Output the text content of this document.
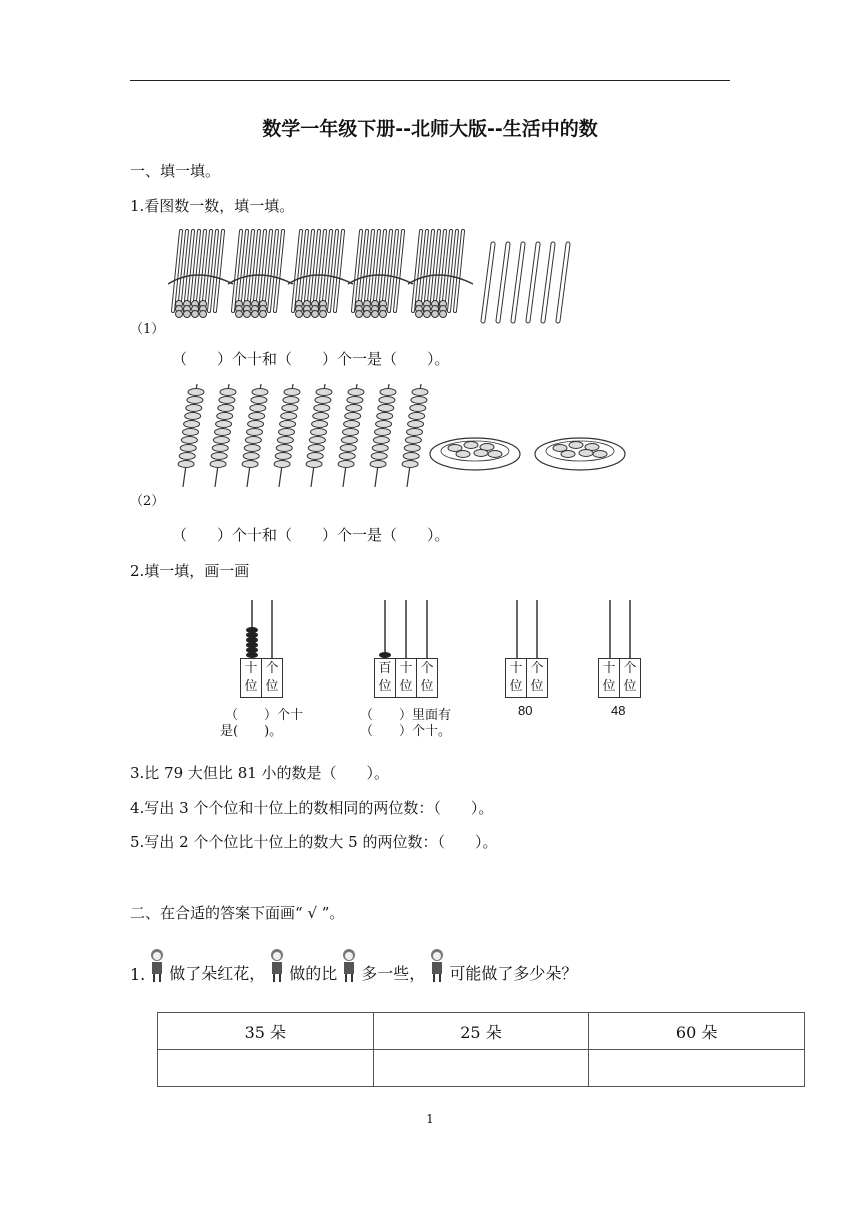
数学一年级下册--北师大版--生活中的数
一、填一填。
1.看图数一数，填一填。
（1）
（　　）个十和（　　）个一是（　　）。
（2）
（　　）个十和（　　）个一是（　　）。
2.填一填，画一画
十位
个位
（　　）个十
是(　　)。
百位
十位
个位
（　　）里面有
（　　）个十。
十位
个位
80
十位
个位
48
3.比 79 大但比 81 小的数是（　　）。
4.写出 3 个个位和十位上的数相同的两位数：（　　）。
5.写出 2 个个位比十位上的数大 5 的两位数：（　　）。
二、在合适的答案下面画“ √ ”。
1. 做了朵红花， 做的比 多一些， 可能做了多少朵？
35 朵	25 朵	60 朵

1
